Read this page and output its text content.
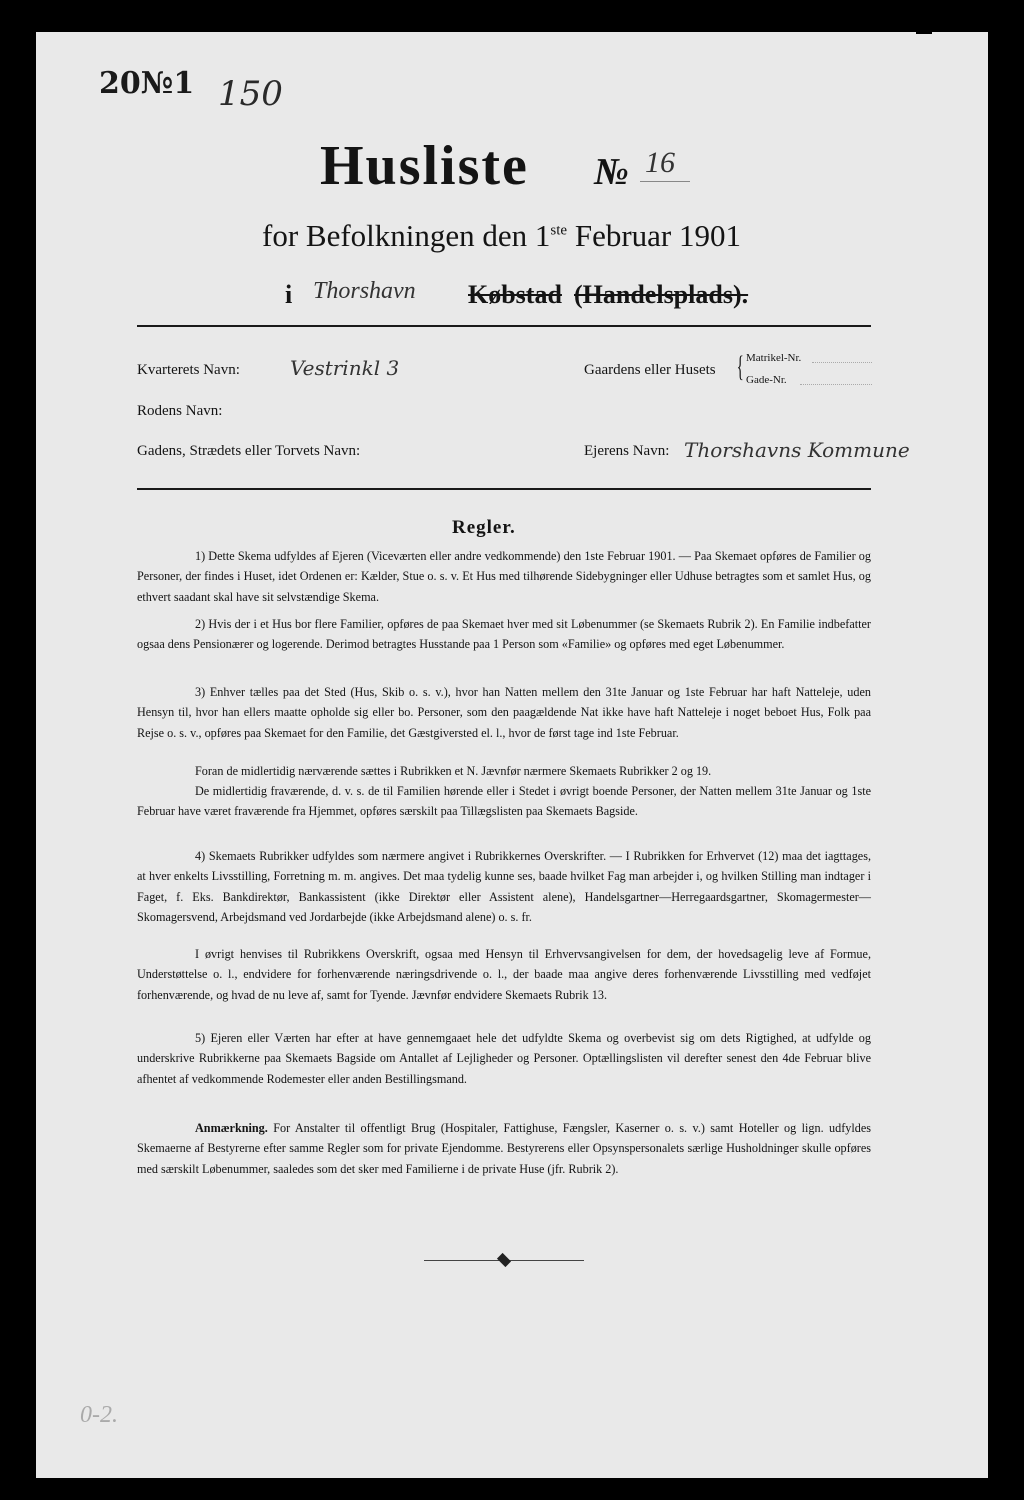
20№1 150
Husliste № 16
for Befolkningen den 1ste Februar 1901
i Thorshavn Købstad (Handelsplads).
Kvarterets Navn:	Vestrinkl 3	Gaardens eller Husets { Matrikel-Nr.
Gade-Nr.
Rodens Navn:
Gadens, Strædets eller Torvets Navn:	Ejerens Navn: Thorshavns Kommune
Regler.
1) Dette Skema udfyldes af Ejeren (Viceværten eller andre vedkommende) den 1ste Februar 1901. — Paa Skemaet opføres de Familier og Personer, der findes i Huset, idet Ordenen er: Kælder, Stue o. s. v. Et Hus med tilhørende Sidebygninger eller Udhuse betragtes som et samlet Hus, og ethvert saadant skal have sit selvstændige Skema.
2) Hvis der i et Hus bor flere Familier, opføres de paa Skemaet hver med sit Løbenummer (se Skemaets Rubrik 2). En Familie indbefatter ogsaa dens Pensionærer og logerende. Derimod betragtes Husstande paa 1 Person som «Familie» og opføres med eget Løbenummer.
3) Enhver tælles paa det Sted (Hus, Skib o. s. v.), hvor han Natten mellem den 31te Januar og 1ste Februar har haft Natteleje, uden Hensyn til, hvor han ellers maatte opholde sig eller bo. Personer, som den paagældende Nat ikke have haft Natteleje i noget beboet Hus, Folk paa Rejse o. s. v., opføres paa Skemaet for den Familie, det Gæstgiversted el. l., hvor de først tage ind 1ste Februar.
Foran de midlertidig nærværende sættes i Rubrikken et N. Jævnfør nærmere Skemaets Rubrikker 2 og 19.
De midlertidig fraværende, d. v. s. de til Familien hørende eller i Stedet i øvrigt boende Personer, der Natten mellem 31te Januar og 1ste Februar have været fraværende fra Hjemmet, opføres særskilt paa Tillægslisten paa Skemaets Bagside.
4) Skemaets Rubrikker udfyldes som nærmere angivet i Rubrikkernes Overskrifter. — I Rubrikken for Erhvervet (12) maa det iagttages, at hver enkelts Livsstilling, Forretning m. m. angives. Det maa tydelig kunne ses, baade hvilket Fag man arbejder i, og hvilken Stilling man indtager i Faget, f. Eks. Bankdirektør, Bankassistent (ikke Direktør eller Assistent alene), Handelsgartner—Herregaardsgartner, Skomagermester—Skomagersvend, Arbejdsmand ved Jordarbejde (ikke Arbejdsmand alene) o. s. fr.
I øvrigt henvises til Rubrikkens Overskrift, ogsaa med Hensyn til Erhvervsangivelsen for dem, der hovedsagelig leve af Formue, Understøttelse o. l., endvidere for forhenværende næringsdrivende o. l., der baade maa angive deres forhenværende Livsstilling med vedføjet forhenværende, og hvad de nu leve af, samt for Tyende. Jævnfør endvidere Skemaets Rubrik 13.
5) Ejeren eller Værten har efter at have gennemgaaet hele det udfyldte Skema og overbevist sig om dets Rigtighed, at udfylde og underskrive Rubrikkerne paa Skemaets Bagside om Antallet af Lejligheder og Personer. Optællingslisten vil derefter senest den 4de Februar blive afhentet af vedkommende Rodemester eller anden Bestillingsmand.
Anmærkning. For Anstalter til offentligt Brug (Hospitaler, Fattighuse, Fængsler, Kaserner o. s. v.) samt Hoteller og lign. udfyldes Skemaerne af Bestyrerne efter samme Regler som for private Ejendomme. Bestyrerens eller Opsynspersonalets særlige Husholdninger skulle opføres med særskilt Løbenummer, saaledes som det sker med Familierne i de private Huse (jfr. Rubrik 2).
0-2.
